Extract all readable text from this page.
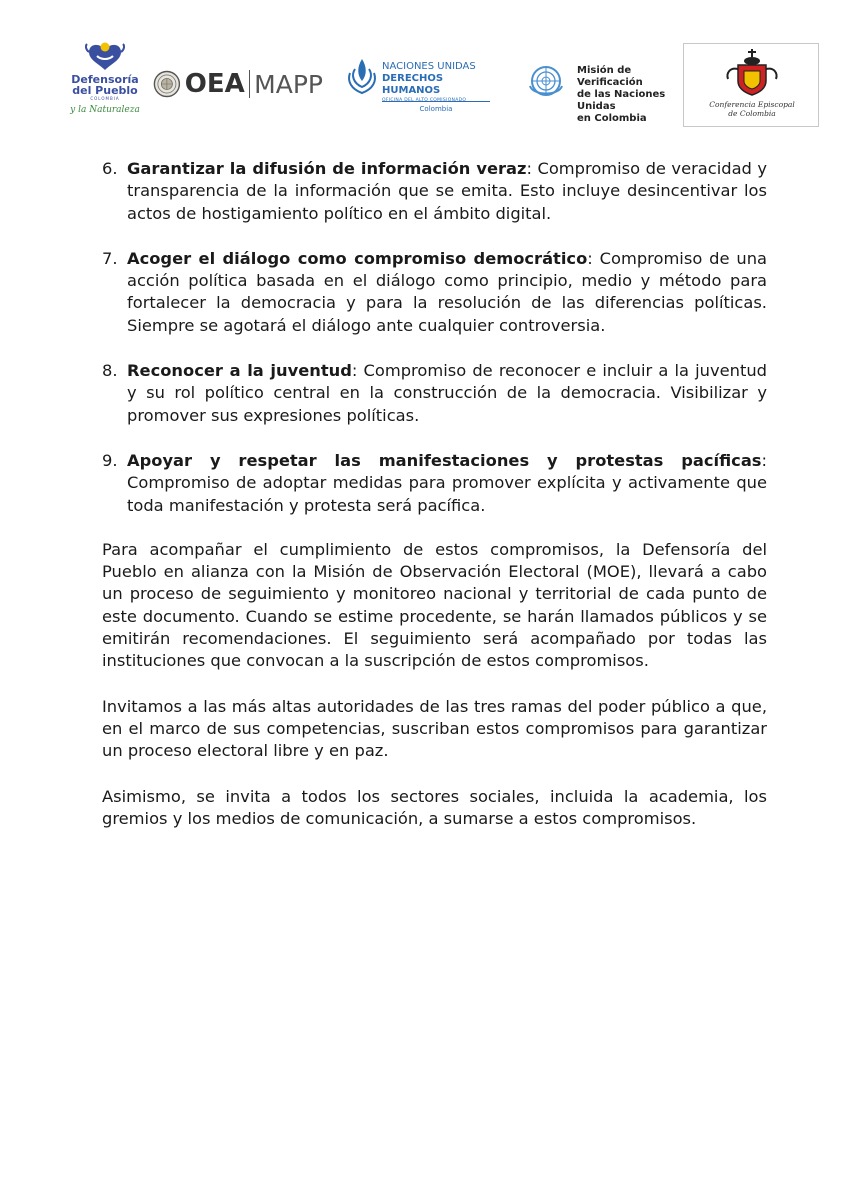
Defensoría
del Pueblo
COLOMBIA
y la Naturaleza
OEA MAPP
NACIONES UNIDAS
DERECHOS HUMANOS
Colombia
Misión de Verificación
de las Naciones Unidas
en Colombia
Conferencia Episcopal
de Colombia
6. Garantizar la difusión de información veraz: Compromiso de veracidad y transparencia de la información que se emita. Esto incluye desincentivar los actos de hostigamiento político en el ámbito digital.
7. Acoger el diálogo como compromiso democrático: Compromiso de una acción política basada en el diálogo como principio, medio y método para fortalecer la democracia y para la resolución de las diferencias políticas. Siempre se agotará el diálogo ante cualquier controversia.
8. Reconocer a la juventud: Compromiso de reconocer e incluir a la juventud y su rol político central en la construcción de la democracia. Visibilizar y promover sus expresiones políticas.
9. Apoyar y respetar las manifestaciones y protestas pacíficas: Compromiso de adoptar medidas para promover explícita y activamente que toda manifestación y protesta será pacífica.

Para acompañar el cumplimiento de estos compromisos, la Defensoría del Pueblo en alianza con la Misión de Observación Electoral (MOE), llevará a cabo un proceso de seguimiento y monitoreo nacional y territorial de cada punto de este documento. Cuando se estime procedente, se harán llamados públicos y se emitirán recomendaciones. El seguimiento será acompañado por todas las instituciones que convocan a la suscripción de estos compromisos.

Invitamos a las más altas autoridades de las tres ramas del poder público a que, en el marco de sus competencias, suscriban estos compromisos para garantizar un proceso electoral libre y en paz.

Asimismo, se invita a todos los sectores sociales, incluida la academia, los gremios y los medios de comunicación, a sumarse a estos compromisos.
